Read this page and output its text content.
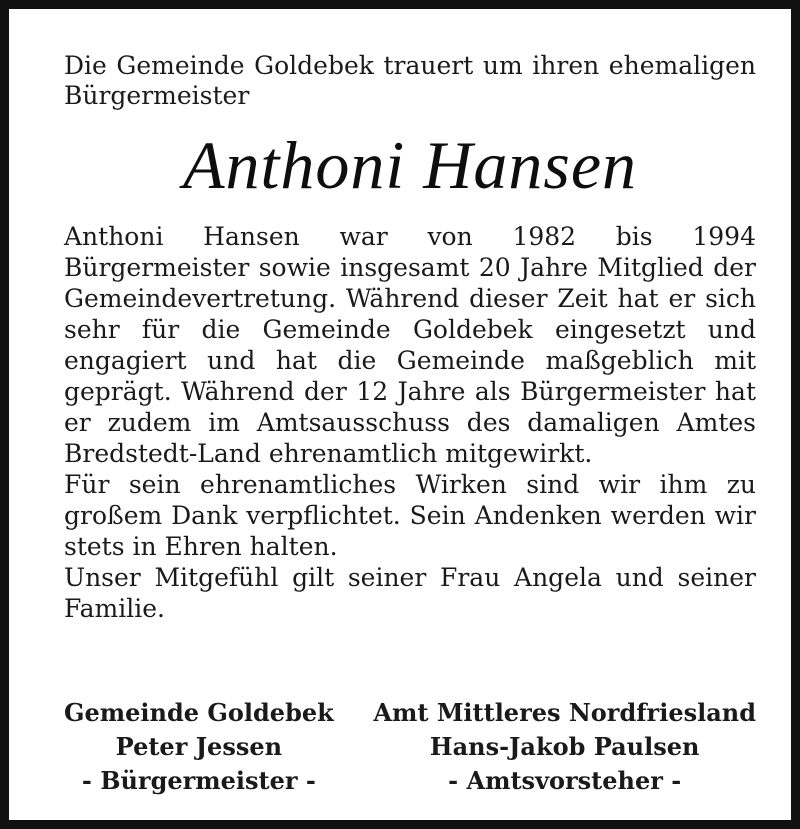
Die Gemeinde Goldebek trauert um ihren ehemaligen Bürgermeister

Anthoni Hansen

Anthoni Hansen war von 1982 bis 1994 Bürgermeister sowie insgesamt 20 Jahre Mitglied der Gemeindevertretung. Während dieser Zeit hat er sich sehr für die Gemeinde Goldebek eingesetzt und engagiert und hat die Gemeinde maßgeblich mit geprägt. Während der 12 Jahre als Bürgermeister hat er zudem im Amtsausschuss des damaligen Amtes Bredstedt-Land ehrenamtlich mitgewirkt.

Für sein ehrenamtliches Wirken sind wir ihm zu großem Dank verpflichtet. Sein Andenken werden wir stets in Ehren halten.

Unser Mitgefühl gilt seiner Frau Angela und seiner Familie.

Gemeinde Goldebek
Peter Jessen
- Bürgermeister -
Amt Mittleres Nordfriesland
Hans-Jakob Paulsen
- Amtsvorsteher -
